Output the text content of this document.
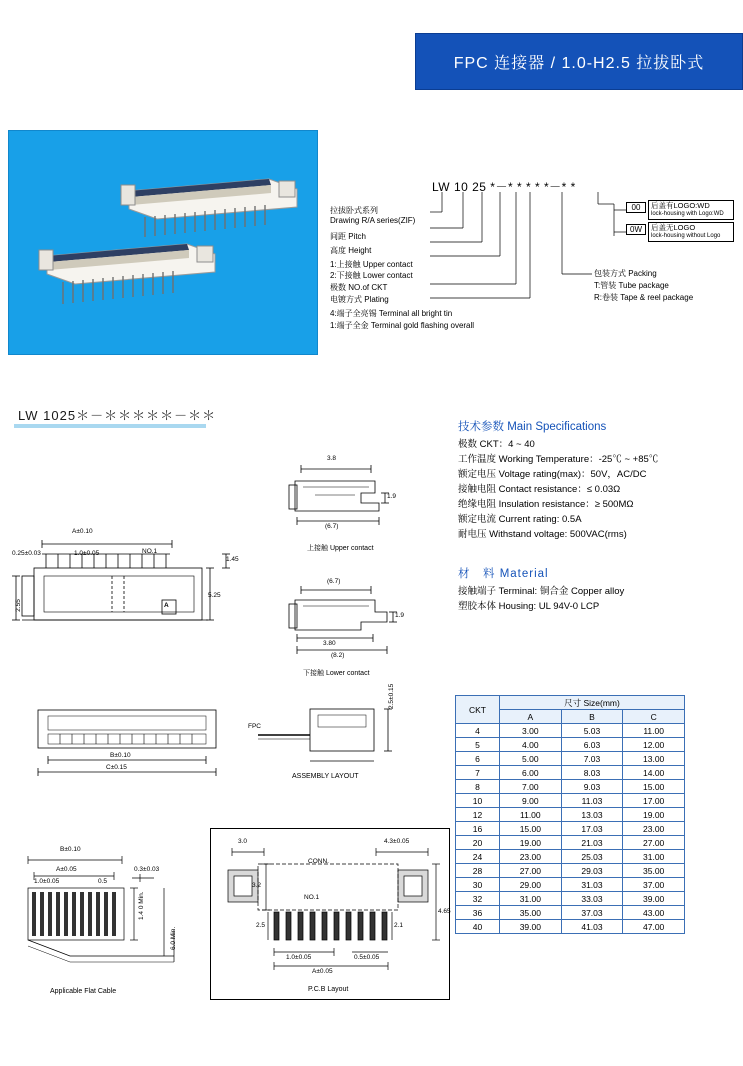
FPC 连接器 / 1.0-H2.5 拉拔卧式
LW 10 25 *－* * * * *－* *
拉拔卧式系列
Drawing R/A series(ZIF)
间距 Pitch
高度 Height
1:上接触 Upper contact
2:下接触 Lower contact
极数 NO.of CKT
电镀方式 Plating
4:端子全亮锡 Terminal all bright tin
1:端子全金 Terminal gold flashing overall
包装方式 Packing
T:管装 Tube package
R:卷装 Tape & reel package
00	后盖有LOGO:WD
lock-housing with Logo:WD
0W	后盖无LOGO
lock-housing without Logo
LW 1025＊－＊＊＊＊＊－＊＊
技术参数 Main Specifications
极数 CKT：4 ~ 40
工作温度 Working Temperature：-25℃ ~ +85℃
额定电压 Voltage rating(max)：50V，AC/DC
接触电阻 Contact resistance：≤ 0.03Ω
绝缘电阻 Insulation resistance：≥ 500MΩ
额定电流 Current rating: 0.5A
耐电压 Withstand voltage: 500VAC(rms)
材　料 Material
接触端子 Terminal: 铜合金 Copper alloy
塑胶本体 Housing: UL 94V-0 LCP
CKT	尺寸 Size(mm)		
	A	B	C
4	3.00	5.03	11.00
5	4.00	6.03	12.00
6	5.00	7.03	13.00
7	6.00	8.03	14.00
8	7.00	9.03	15.00
10	9.00	11.03	17.00
12	11.00	13.03	19.00
16	15.00	17.03	23.00
20	19.00	21.03	27.00
24	23.00	25.03	31.00
28	27.00	29.03	35.00
30	29.00	31.03	37.00
32	31.00	33.03	39.00
36	35.00	37.03	43.00
40	39.00	41.03	47.00
A±0.10
0.25±0.03	1.0±0.05	NO.1
2.55
5.25
1.45
A
3.8
1.9
(6.7)
上接触 Upper contact
(6.7)
1.9
3.80
(8.2)
下接触 Lower contact
B±0.10
C±0.15
FPC
2.5±0.15
ASSEMBLY LAYOUT
B±0.10
A±0.05
1.0±0.05	0.5
0.3±0.03
1.4 0 Min.
6.0 Min.
Applicable Flat Cable
3.0	4.3±0.05
CONN.
NO.1
3.2
2.5	2.1
4.65
1.0±0.05	0.5±0.05
A±0.05
P.C.B Layout
